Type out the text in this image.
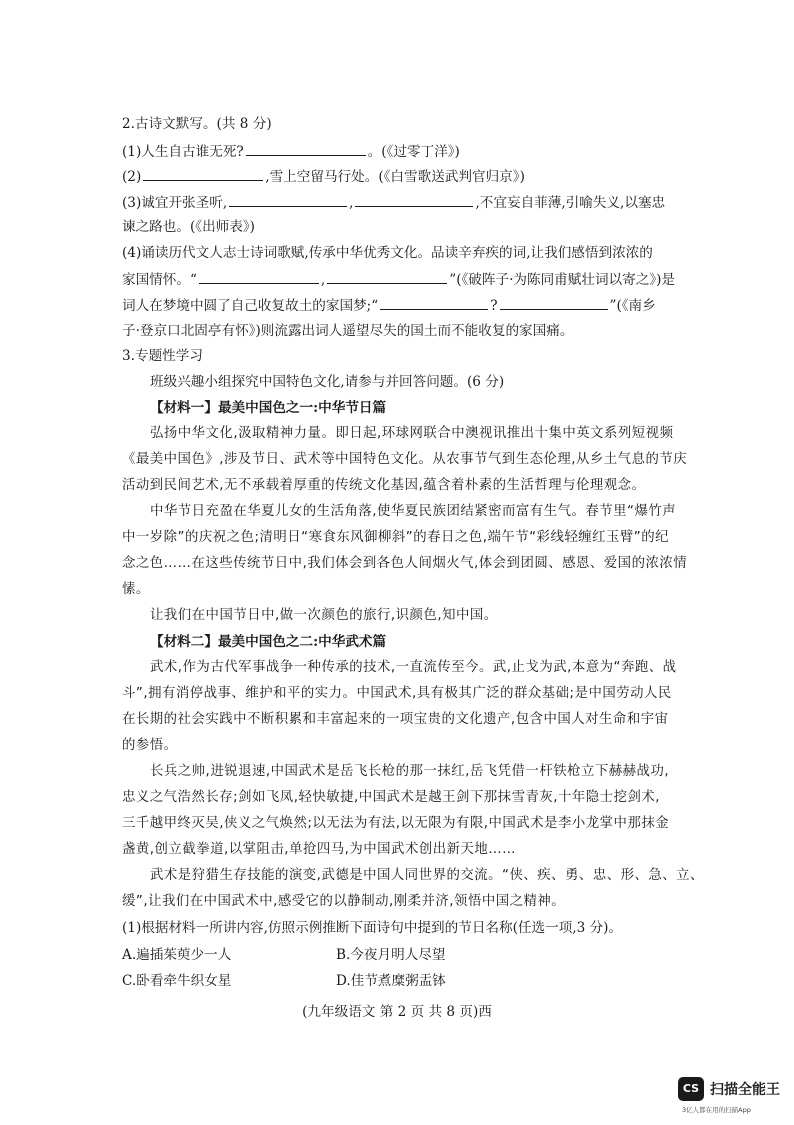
2.古诗文默写。(共 8 分)
(1)人生自古谁无死?	。(《过零丁洋》)
(2)	,雪上空留马行处。(《白雪歌送武判官归京》)
(3)诚宜开张圣听,	,	,不宜妄自菲薄,引喻失义,以塞忠
谏之路也。(《出师表》)
(4)诵读历代文人志士诗词歌赋,传承中华优秀文化。品读辛弃疾的词,让我们感悟到浓浓的
家国情怀。“	,	”(《破阵子·为陈同甫赋壮词以寄之》)是
词人在梦境中圆了自己收复故土的家国梦;“	?	”(《南乡
子·登京口北固亭有怀》)则流露出词人遥望尽失的国土而不能收复的家国痛。
3.专题性学习
班级兴趣小组探究中国特色文化,请参与并回答问题。(6 分)
【材料一】最美中国色之一:中华节日篇
弘扬中华文化,汲取精神力量。即日起,环球网联合中澳视讯推出十集中英文系列短视频
《最美中国色》,涉及节日、武术等中国特色文化。从农事节气到生态伦理,从乡土气息的节庆
活动到民间艺术,无不承载着厚重的传统文化基因,蕴含着朴素的生活哲理与伦理观念。
中华节日充盈在华夏儿女的生活角落,使华夏民族团结紧密而富有生气。春节里“爆竹声
中一岁除”的庆祝之色;清明日“寒食东风御柳斜”的春日之色,端午节“彩线轻缠红玉臂”的纪
念之色……在这些传统节日中,我们体会到各色人间烟火气,体会到团圆、感恩、爱国的浓浓情
愫。
让我们在中国节日中,做一次颜色的旅行,识颜色,知中国。
【材料二】最美中国色之二:中华武术篇
武术,作为古代军事战争一种传承的技术,一直流传至今。武,止戈为武,本意为“奔跑、战
斗”,拥有消停战事、维护和平的实力。中国武术,具有极其广泛的群众基础;是中国劳动人民
在长期的社会实践中不断积累和丰富起来的一项宝贵的文化遗产,包含中国人对生命和宇宙
的参悟。
长兵之帅,进锐退速,中国武术是岳飞长枪的那一抹红,岳飞凭借一杆铁枪立下赫赫战功,
忠义之气浩然长存;剑如飞凤,轻快敏捷,中国武术是越王剑下那抹雪青灰,十年隐士挖剑术,
三千越甲终灭吴,侠义之气焕然;以无法为有法,以无限为有限,中国武术是李小龙掌中那抹金
盏黄,创立截拳道,以掌阻击,单抢四马,为中国武术创出新天地……
武术是狩猎生存技能的演变,武德是中国人同世界的交流。“侠、疾、勇、忠、形、急、立、
缓”,让我们在中国武术中,感受它的以静制动,刚柔并济,领悟中国之精神。
(1)根据材料一所讲内容,仿照示例推断下面诗句中提到的节日名称(任选一项,3 分)。
A.遍插茱萸少一人	B.今夜月明人尽望
C.卧看牵牛织女星	D.佳节煮糜粥盂钵
(九年级语文 第 2 页 共 8 页)西
CS 扫描全能王
3亿人都在用的扫描App
